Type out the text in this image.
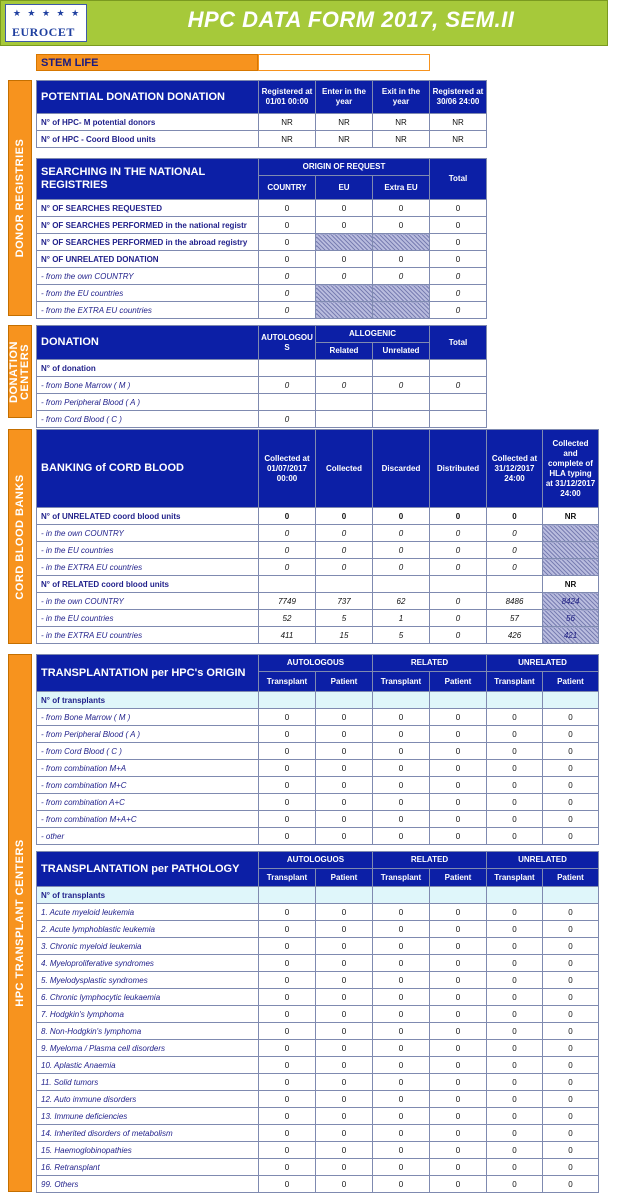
★ ★ ★ ★ ★
EUROCET	HPC DATA FORM 2017, SEM.II
STEM LIFE
DONOR REGISTRIES
DONATION CENTERS
CORD BLOOD BANKS
HPC TRANSPLANT CENTERS
POTENTIAL DONATION DONATION	Registered at 01/01 00:00	Enter in the year	Exit in the year	Registered at 30/06 24:00
N° of HPC- M potential donors	NR	NR	NR	NR
N° of HPC - Coord Blood units	NR	NR	NR	NR
SEARCHING IN THE NATIONAL REGISTRIES	ORIGIN OF REQUEST			Total
	COUNTRY	EU	Extra EU	
N° OF SEARCHES REQUESTED	0	0	0	0
N° OF SEARCHES PERFORMED in the national registr	0	0	0	0
N° OF SEARCHES PERFORMED in the abroad registry	0			0
N° OF UNRELATED DONATION	0	0	0	0
- from the own COUNTRY	0	0	0	0
- from the EU countries	0			0
- from the EXTRA EU countries	0			0
DONATION	AUTOLOGOU S	ALLOGENIC		Total
		Related	Unrelated	
N° of donation				
- from Bone Marrow ( M )	0	0	0	0
- from Peripheral Blood ( A )				
- from Cord Blood ( C )	0			
BANKING of CORD BLOOD	Collected at 01/07/2017 00:00	Collected	Discarded	Distributed	Collected at 31/12/2017 24:00	Collected and complete of HLA typing at 31/12/2017 24:00
N° of UNRELATED coord blood units	0	0	0	0	0	NR
- in the own COUNTRY	0	0	0	0	0	
- in the EU countries	0	0	0	0	0	
- in the EXTRA EU countries	0	0	0	0	0	
N° of RELATED coord blood units						NR
- in the own COUNTRY	7749	737	62	0	8486	8424
- in the EU countries	52	5	1	0	57	56
- in the EXTRA EU countries	411	15	5	0	426	421
TRANSPLANTATION per HPC's ORIGIN	AUTOLOGOUS		RELATED		UNRELATED	
	Transplant	Patient	Transplant	Patient	Transplant	Patient
N° of transplants						
- from Bone Marrow ( M )	0	0	0	0	0	0
- from Peripheral Blood ( A )	0	0	0	0	0	0
- from Cord Blood ( C )	0	0	0	0	0	0
- from combination M+A	0	0	0	0	0	0
- from combination M+C	0	0	0	0	0	0
- from combination A+C	0	0	0	0	0	0
- from combination M+A+C	0	0	0	0	0	0
- other	0	0	0	0	0	0
TRANSPLANTATION per PATHOLOGY	AUTOLOGUOS		RELATED		UNRELATED	
	Transplant	Patient	Transplant	Patient	Transplant	Patient
N° of transplants						
1. Acute myeloid leukemia	0	0	0	0	0	0
2. Acute lymphoblastic leukemia	0	0	0	0	0	0
3. Chronic myeloid leukemia	0	0	0	0	0	0
4. Myeloproliferative syndromes	0	0	0	0	0	0
5. Myelodysplastic syndromes	0	0	0	0	0	0
6. Chronic lymphocytic leukaemia	0	0	0	0	0	0
7. Hodgkin's lymphoma	0	0	0	0	0	0
8. Non-Hodgkin's lymphoma	0	0	0	0	0	0
9. Myeloma / Plasma cell disorders	0	0	0	0	0	0
10. Aplastic Anaemia	0	0	0	0	0	0
11. Solid tumors	0	0	0	0	0	0
12. Auto immune disorders	0	0	0	0	0	0
13. Immune deficiencies	0	0	0	0	0	0
14. Inherited disorders of metabolism	0	0	0	0	0	0
15. Haemoglobinopathies	0	0	0	0	0	0
16. Retransplant	0	0	0	0	0	0
99. Others	0	0	0	0	0	0
